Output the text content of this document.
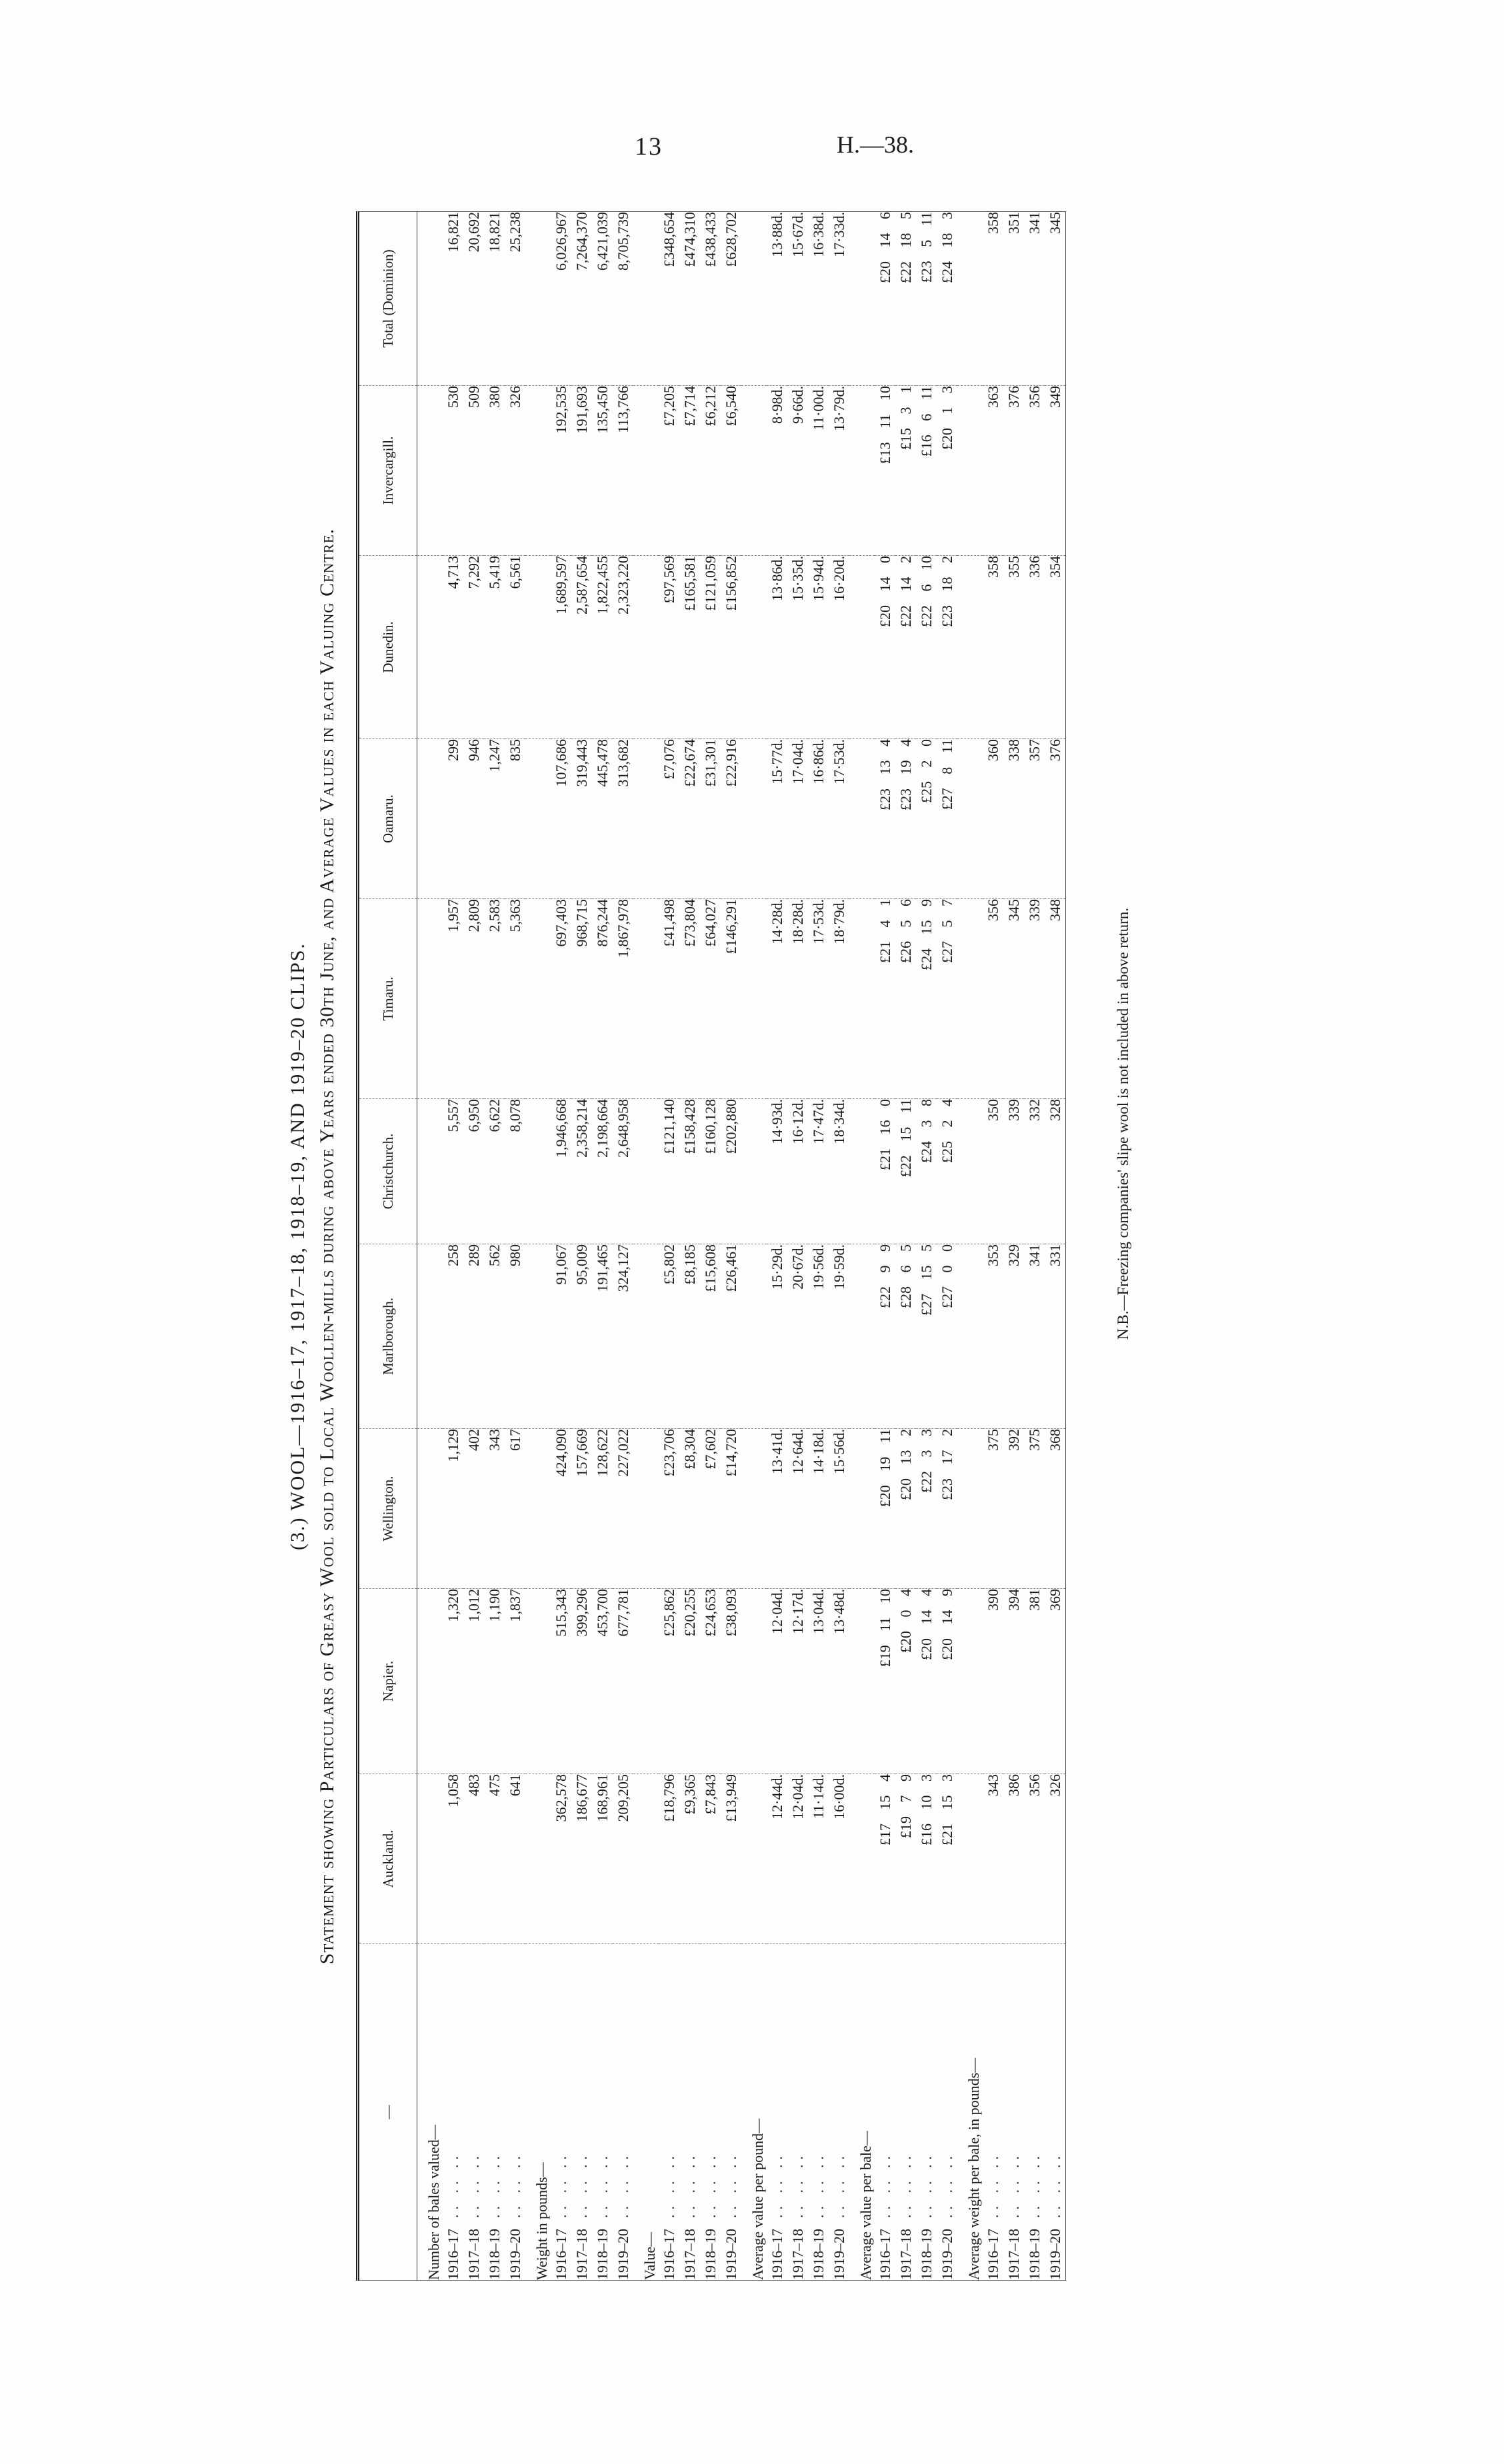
13	H.—38.
(3.) WOOL—1916–17, 1917–18, 1918–19, AND 1919–20 CLIPS. Statement showing Particulars of Greasy Wool sold to Local Woollen-mills during above Years ended 30th June, and Average Values in each Valuing Centre.
—	Auckland.	Napier.	Wellington.	Marlborough.	Christchurch.	Timaru.	Oamaru.	Dunedin.	Invercargill.	Total (Dominion)
Number of bales valued—										
1916–17.. .. ..	1,058	1,320	1,129	258	5,557	1,957	299	4,713	530	16,821
1917–18.. .. ..	483	1,012	402	289	6,950	2,809	946	7,292	509	20,692
1918–19.. .. ..	475	1,190	343	562	6,622	2,583	1,247	5,419	380	18,821
1919–20.. .. ..	641	1,837	617	980	8,078	5,363	835	6,561	326	25,238
Weight in pounds—										
1916–17.. .. ..	362,578	515,343	424,090	91,067	1,946,668	697,403	107,686	1,689,597	192,535	6,026,967
1917–18.. .. ..	186,677	399,296	157,669	95,009	2,358,214	968,715	319,443	2,587,654	191,693	7,264,370
1918–19.. .. ..	168,961	453,700	128,622	191,465	2,198,664	876,244	445,478	1,822,455	135,450	6,421,039
1919–20.. .. ..	209,205	677,781	227,022	324,127	2,648,958	1,867,978	313,682	2,323,220	113,766	8,705,739
Value—										
1916–17.. .. ..	£18,796	£25,862	£23,706	£5,802	£121,140	£41,498	£7,076	£97,569	£7,205	£348,654
1917–18.. .. ..	£9,365	£20,255	£8,304	£8,185	£158,428	£73,804	£22,674	£165,581	£7,714	£474,310
1918–19.. .. ..	£7,843	£24,653	£7,602	£15,608	£160,128	£64,027	£31,301	£121,059	£6,212	£438,433
1919–20.. .. ..	£13,949	£38,093	£14,720	£26,461	£202,880	£146,291	£22,916	£156,852	£6,540	£628,702
Average value per pound—										
1916–17.. .. ..	12·44d.	12·04d.	13·41d.	15·29d.	14·93d.	14·28d.	15·77d.	13·86d.	8·98d.	13·88d.
1917–18.. .. ..	12·04d.	12·17d.	12·64d.	20·67d.	16·12d.	18·28d.	17·04d.	15·35d.	9·66d.	15·67d.
1918–19.. .. ..	11·14d.	13·04d.	14·18d.	19·56d.	17·47d.	17·53d.	16·86d.	15·94d.	11·00d.	16·38d.
1919–20.. .. ..	16·00d.	13·48d.	15·56d.	19·59d.	18·34d.	18·79d.	17·53d.	16·20d.	13·79d.	17·33d.
Average value per bale—										
1916–17.. .. ..	£17 15 4	£19 11 10	£20 19 11	£22 9 9	£21 16 0	£21 4 1	£23 13 4	£20 14 0	£13 11 10	£20 14 6
1917–18.. .. ..	£19 7 9	£20 0 4	£20 13 2	£28 6 5	£22 15 11	£26 5 6	£23 19 4	£22 14 2	£15 3 1	£22 18 5
1918–19.. .. ..	£16 10 3	£20 14 4	£22 3 3	£27 15 5	£24 3 8	£24 15 9	£25 2 0	£22 6 10	£16 6 11	£23 5 11
1919–20.. .. ..	£21 15 3	£20 14 9	£23 17 2	£27 0 0	£25 2 4	£27 5 7	£27 8 11	£23 18 2	£20 1 3	£24 18 3
Average weight per bale, in pounds—										
1916–17.. .. ..	343	390	375	353	350	356	360	358	363	358
1917–18.. .. ..	386	394	392	329	339	345	338	355	376	351
1918–19.. .. ..	356	381	375	341	332	339	357	336	356	341
1919–20.. .. ..	326	369	368	331	328	348	376	354	349	345
N.B.—Freezing companies' slipe wool is not included in above return.
